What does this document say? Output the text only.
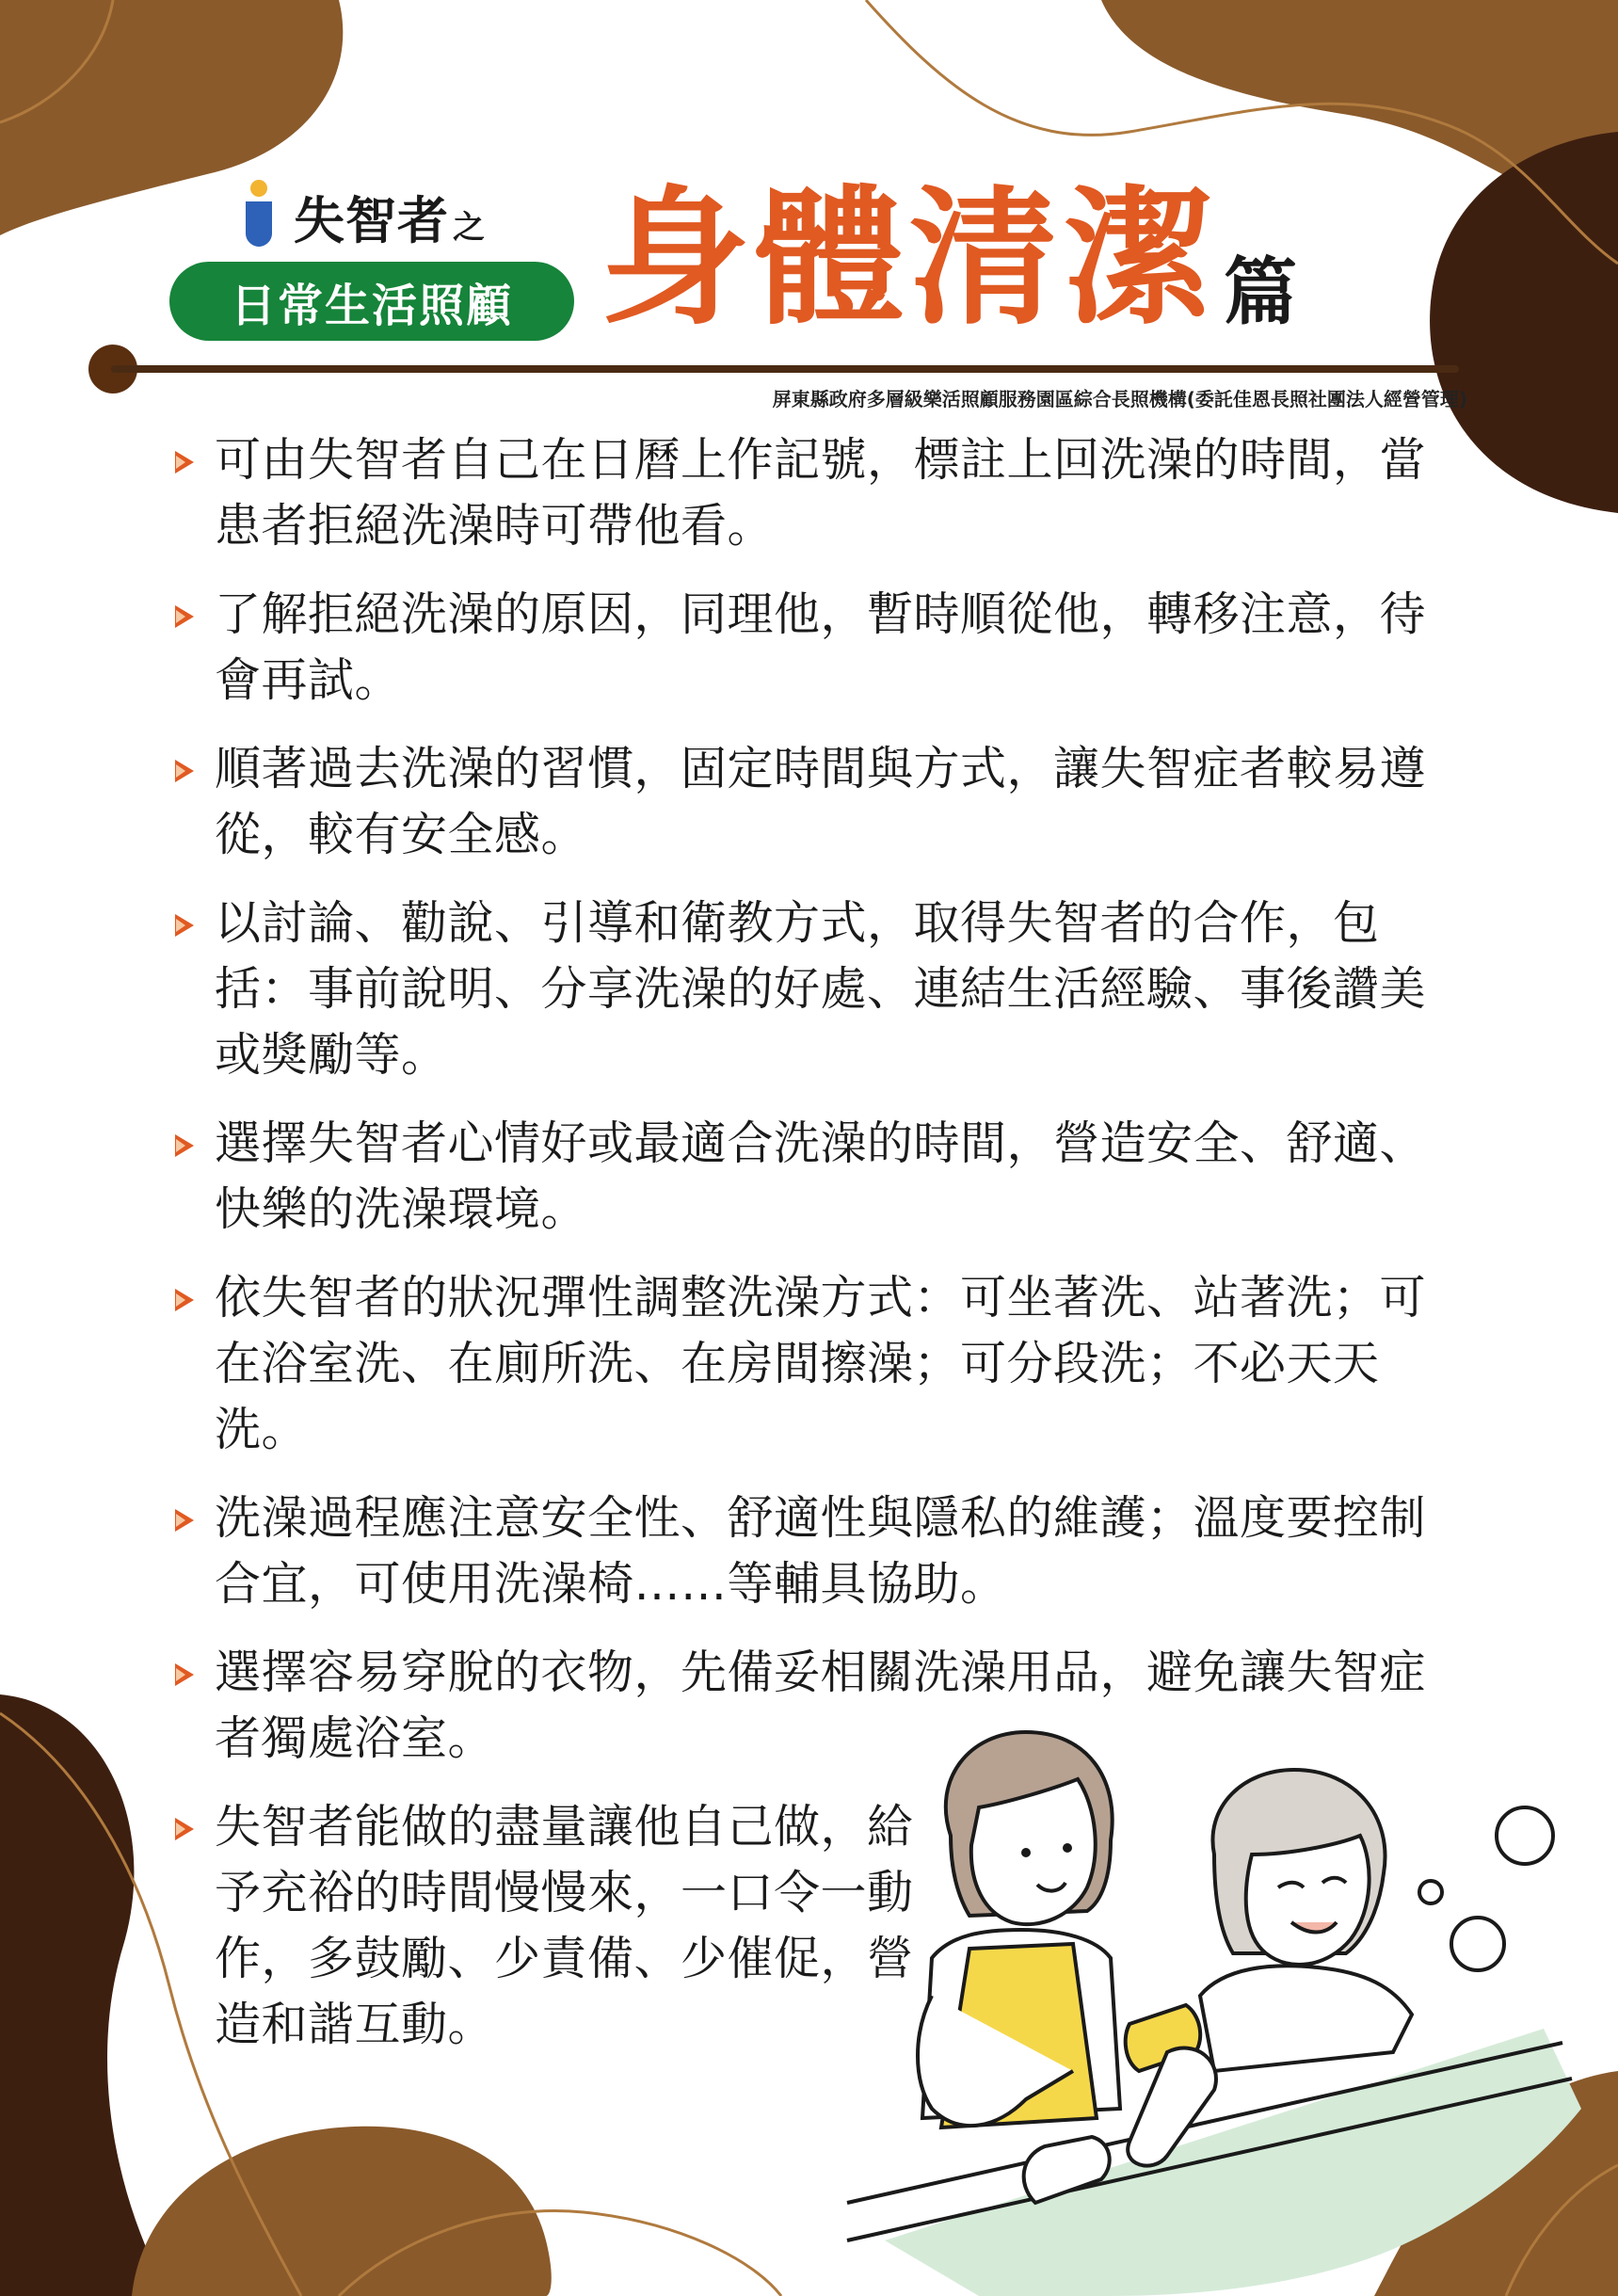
失智者 之
日常生活照顧 身體清潔 篇
屏東縣政府多層級樂活照顧服務園區綜合長照機構(委託佳恩長照社團法人經營管理)
可由失智者自己在日曆上作記號，標註上回洗澡的時間，當患者拒絕洗澡時可帶他看。
了解拒絕洗澡的原因，同理他，暫時順從他，轉移注意，待會再試。
順著過去洗澡的習慣，固定時間與方式，讓失智症者較易遵從，較有安全感。
以討論、勸說、引導和衛教方式，取得失智者的合作，包括：事前說明、分享洗澡的好處、連結生活經驗、事後讚美或獎勵等。
選擇失智者心情好或最適合洗澡的時間，營造安全、舒適、快樂的洗澡環境。
依失智者的狀況彈性調整洗澡方式：可坐著洗、站著洗；可在浴室洗、在廁所洗、在房間擦澡；可分段洗；不必天天洗。
洗澡過程應注意安全性、舒適性與隱私的維護；溫度要控制合宜，可使用洗澡椅……等輔具協助。
選擇容易穿脫的衣物，先備妥相關洗澡用品，避免讓失智症者獨處浴室。
失智者能做的盡量讓他自己做，給予充裕的時間慢慢來，一口令一動作，多鼓勵、少責備、少催促，營造和諧互動。
